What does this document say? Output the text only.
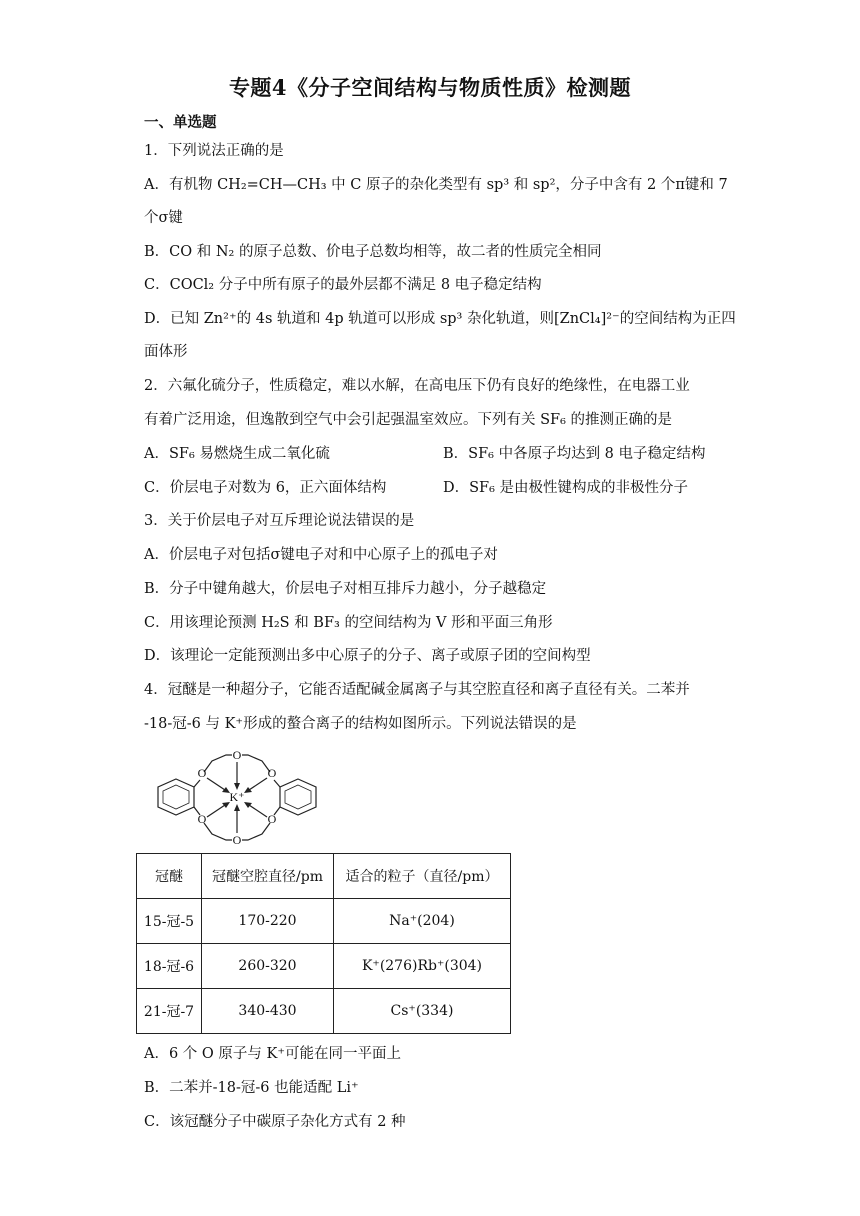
专题4《分子空间结构与物质性质》检测题
一、单选题
1．下列说法正确的是
A．有机物 CH₂=CH—CH₃ 中 C 原子的杂化类型有 sp³ 和 sp²，分子中含有 2 个π键和 7
个σ键
B．CO 和 N₂ 的原子总数、价电子总数均相等，故二者的性质完全相同
C．COCl₂ 分子中所有原子的最外层都不满足 8 电子稳定结构
D．已知 Zn²⁺的 4s 轨道和 4p 轨道可以形成 sp³ 杂化轨道，则[ZnCl₄]²⁻的空间结构为正四
面体形
2．六氟化硫分子，性质稳定，难以水解，在高电压下仍有良好的绝缘性，在电器工业
有着广泛用途，但逸散到空气中会引起强温室效应。下列有关 SF₆ 的推测正确的是
A．SF₆ 易燃烧生成二氧化硫	B．SF₆ 中各原子均达到 8 电子稳定结构
C．价层电子对数为 6，正六面体结构	D．SF₆ 是由极性键构成的非极性分子
3．关于价层电子对互斥理论说法错误的是
A．价层电子对包括σ键电子对和中心原子上的孤电子对
B．分子中键角越大，价层电子对相互排斥力越小，分子越稳定
C．用该理论预测 H₂S 和 BF₃ 的空间结构为 V 形和平面三角形
D．该理论一定能预测出多中心原子的分子、离子或原子团的空间构型
4．冠醚是一种超分子，它能否适配碱金属离子与其空腔直径和离子直径有关。二苯并
-18-冠-6 与 K⁺形成的螯合离子的结构如图所示。下列说法错误的是
O
O
O	O
O	O
K⁺
冠醚	冠醚空腔直径/pm	适合的粒子（直径/pm）
15-冠-5	170-220	Na⁺(204)
18-冠-6	260-320	K⁺(276)Rb⁺(304)
21-冠-7	340-430	Cs⁺(334)
A．6 个 O 原子与 K⁺可能在同一平面上
B．二苯并-18-冠-6 也能适配 Li⁺
C．该冠醚分子中碳原子杂化方式有 2 种
